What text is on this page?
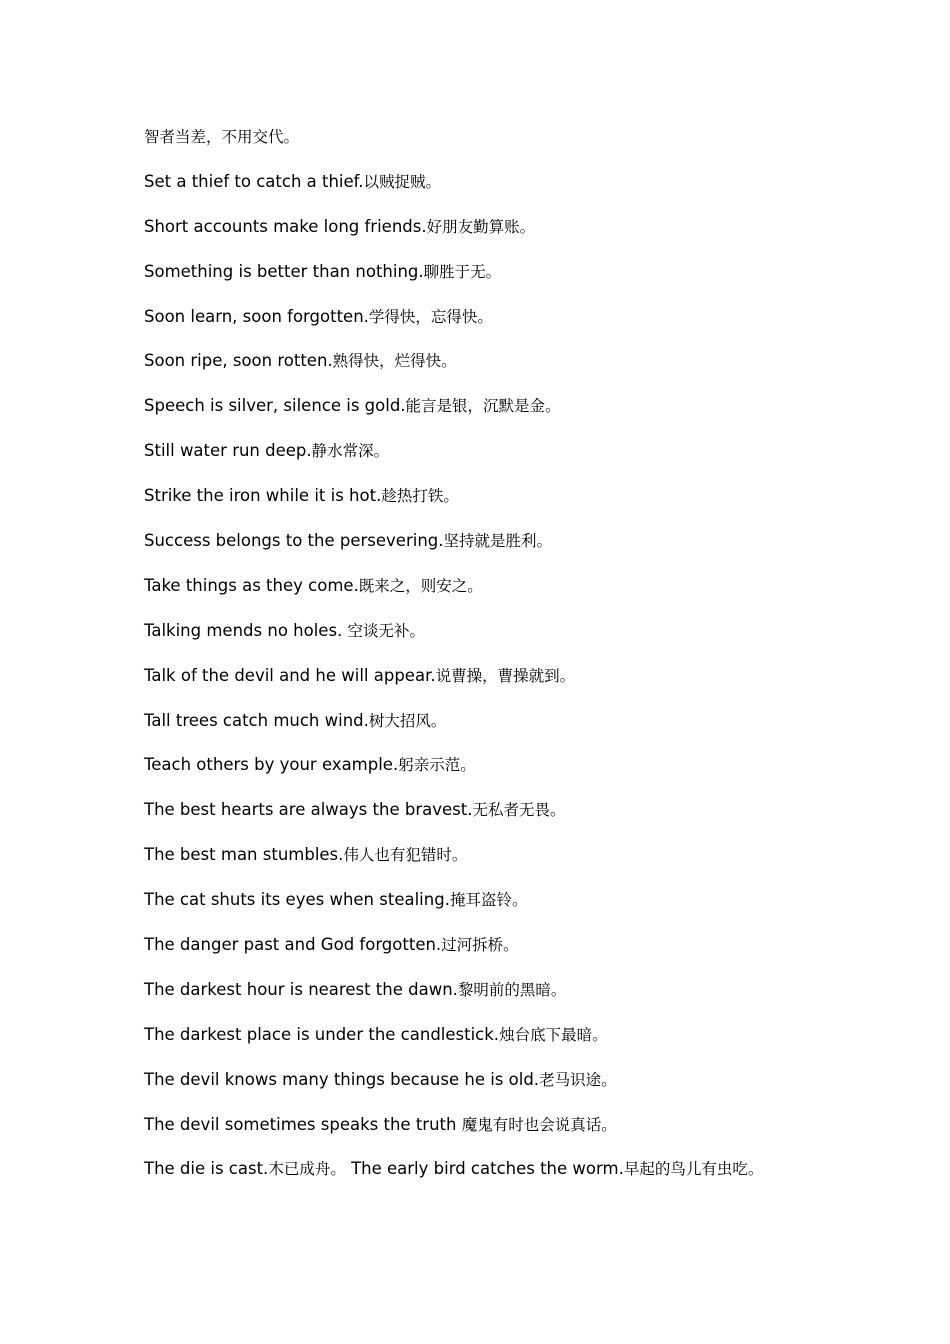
智者当差，不用交代。
Set a thief to catch a thief.以贼捉贼。
Short accounts make long friends.好朋友勤算账。
Something is better than nothing.聊胜于无。
Soon learn, soon forgotten.学得快，忘得快。
Soon ripe, soon rotten.熟得快，烂得快。
Speech is silver, silence is gold.能言是银，沉默是金。
Still water run deep.静水常深。
Strike the iron while it is hot.趁热打铁。
Success belongs to the persevering.坚持就是胜利。
Take things as they come.既来之，则安之。
Talking mends no holes. 空谈无补。
Talk of the devil and he will appear.说曹操，曹操就到。
Tall trees catch much wind.树大招风。
Teach others by your example.躬亲示范。
The best hearts are always the bravest.无私者无畏。
The best man stumbles.伟人也有犯错时。
The cat shuts its eyes when stealing.掩耳盗铃。
The danger past and God forgotten.过河拆桥。
The darkest hour is nearest the dawn.黎明前的黑暗。
The darkest place is under the candlestick.烛台底下最暗。
The devil knows many things because he is old.老马识途。
The devil sometimes speaks the truth 魔鬼有时也会说真话。
The die is cast.木已成舟。 The early bird catches the worm.早起的鸟儿有虫吃。
